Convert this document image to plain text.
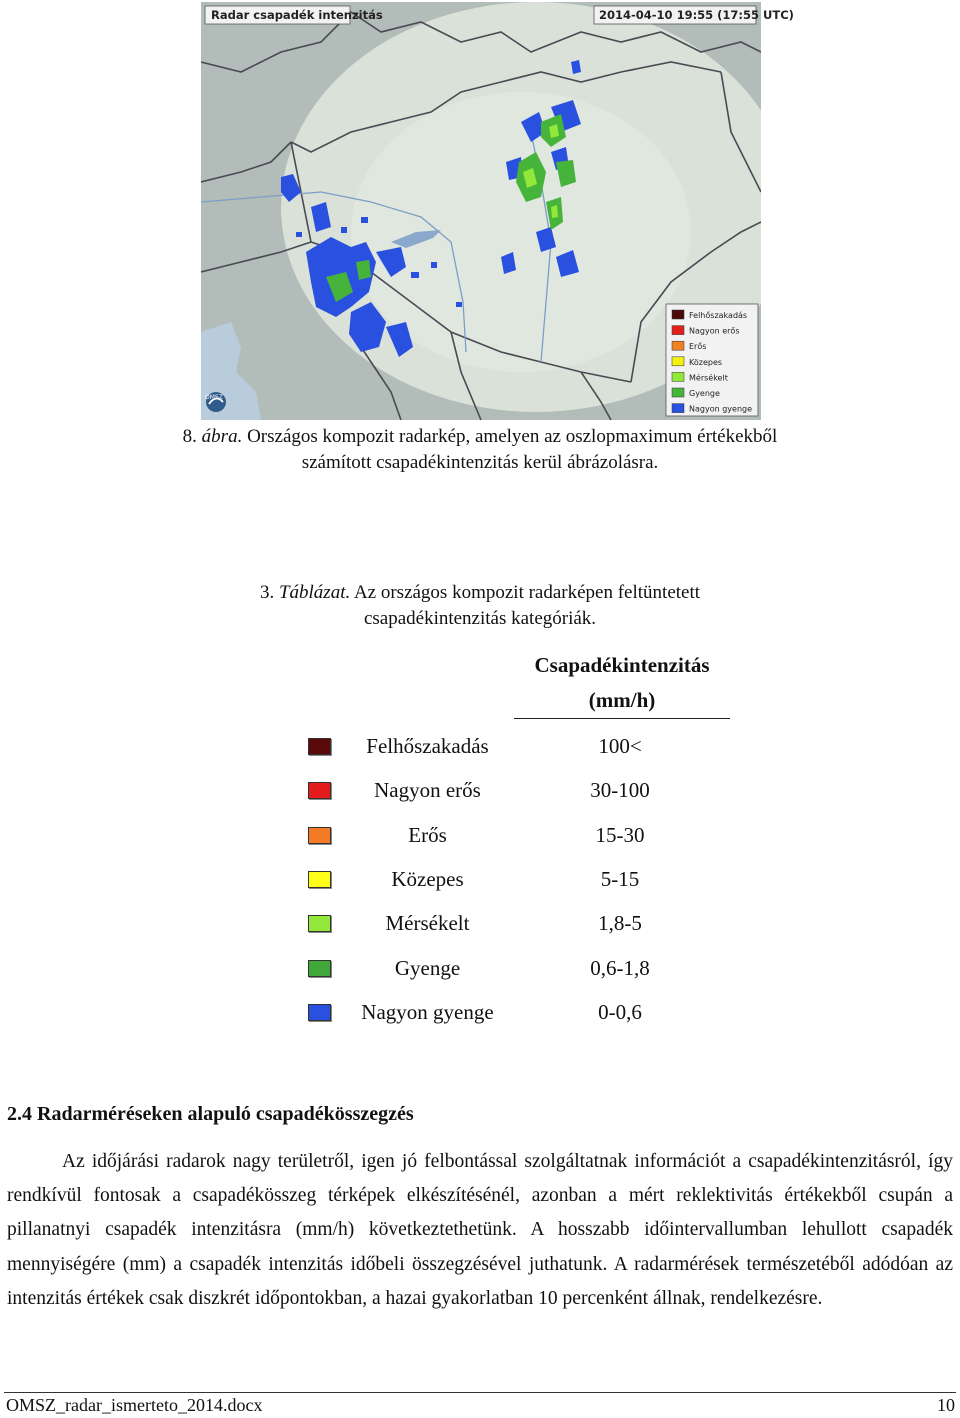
Felhőszakadás
Nagyon erős
Erős
Közepes
Mérsékelt
Gyenge
Nagyon gyenge
Radar csapadék intenzitás	2014-04-10 19:55 (17:55 UTC)
OMSZ
8. ábra. Országos kompozit radarkép, amelyen az oszlopmaximum értékekből számított csapadékintenzitás kerül ábrázolásra.
3. Táblázat. Az országos kompozit radarképen feltüntetett
csapadékintenzitás kategóriák.
Csapadékintenzitás
(mm/h)
Felhőszakadás	100<
Nagyon erős	30-100
Erős	15-30
Közepes	5-15
Mérsékelt	1,8-5
Gyenge	0,6-1,8
Nagyon gyenge	0-0,6
2.4 Radarméréseken alapuló csapadékösszegzés

Az időjárási radarok nagy területről, igen jó felbontással szolgáltatnak információt a csapadékintenzitásról, így rendkívül fontosak a csapadékösszeg térképek elkészítésénél, azonban a mért reklektivitás értékekből csupán a pillanatnyi csapadék intenzitásra (mm/h) következtethetünk. A hosszabb időintervallumban lehullott csapadék mennyiségére (mm) a csapadék intenzitás időbeli összegzésével juthatunk. A radarmérések természetéből adódóan az intenzitás értékek csak diszkrét időpontokban, a hazai gyakorlatban 10 percenként állnak, rendelkezésre.

OMSZ_radar_ismerteto_2014.docx	10
